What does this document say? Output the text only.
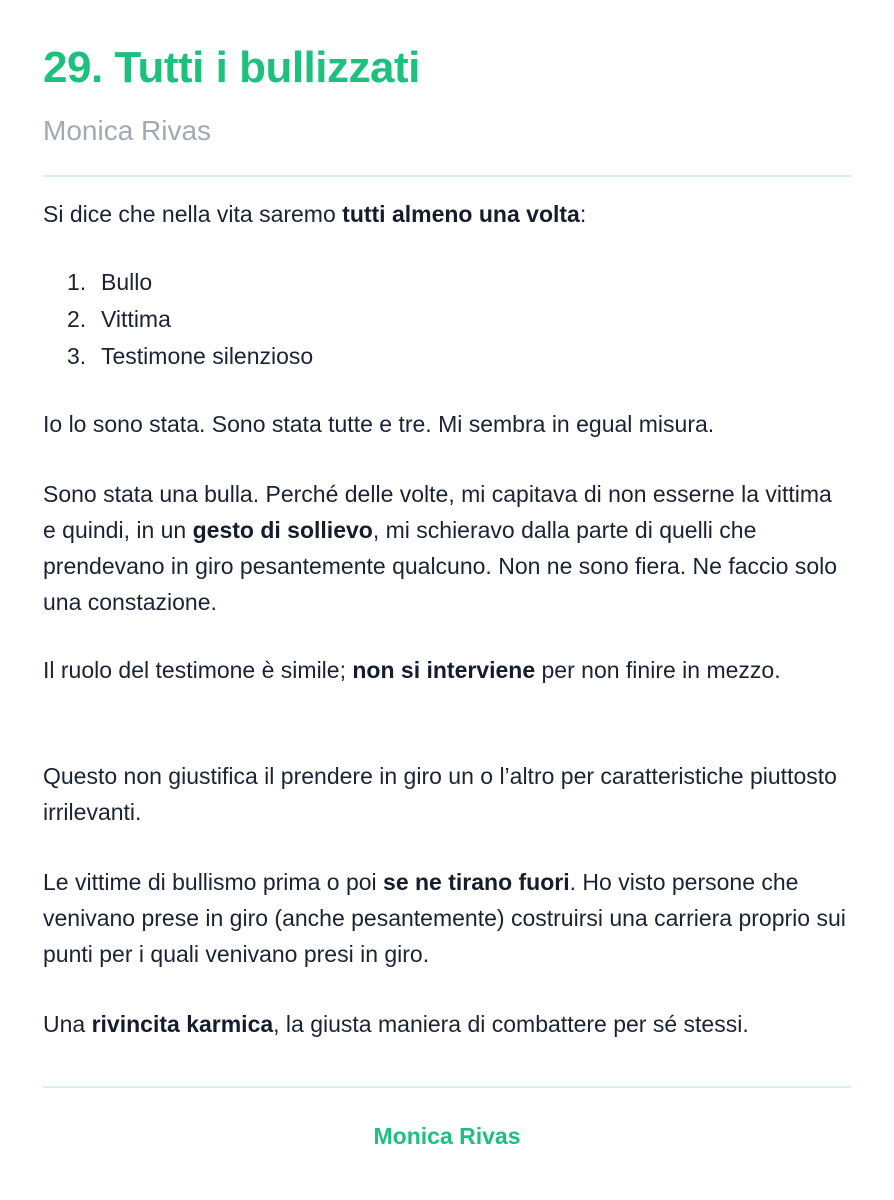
29. Tutti i bullizzati
Monica Rivas

Si dice che nella vita saremo tutti almeno una volta:

1. Bullo
2. Vittima
3. Testimone silenzioso

Io lo sono stata. Sono stata tutte e tre. Mi sembra in egual misura.

Sono stata una bulla. Perché delle volte, mi capitava di non esserne la vittima e quindi, in un gesto di sollievo, mi schieravo dalla parte di quelli che prendevano in giro pesantemente qualcuno. Non ne sono fiera. Ne faccio solo una constazione.

Il ruolo del testimone è simile; non si interviene per non finire in mezzo.

Questo non giustifica il prendere in giro un o l’altro per caratteristiche piuttosto irrilevanti.

Le vittime di bullismo prima o poi se ne tirano fuori. Ho visto persone che venivano prese in giro (anche pesantemente) costruirsi una carriera proprio sui punti per i quali venivano presi in giro.

Una rivincita karmica, la giusta maniera di combattere per sé stessi.

Monica Rivas
